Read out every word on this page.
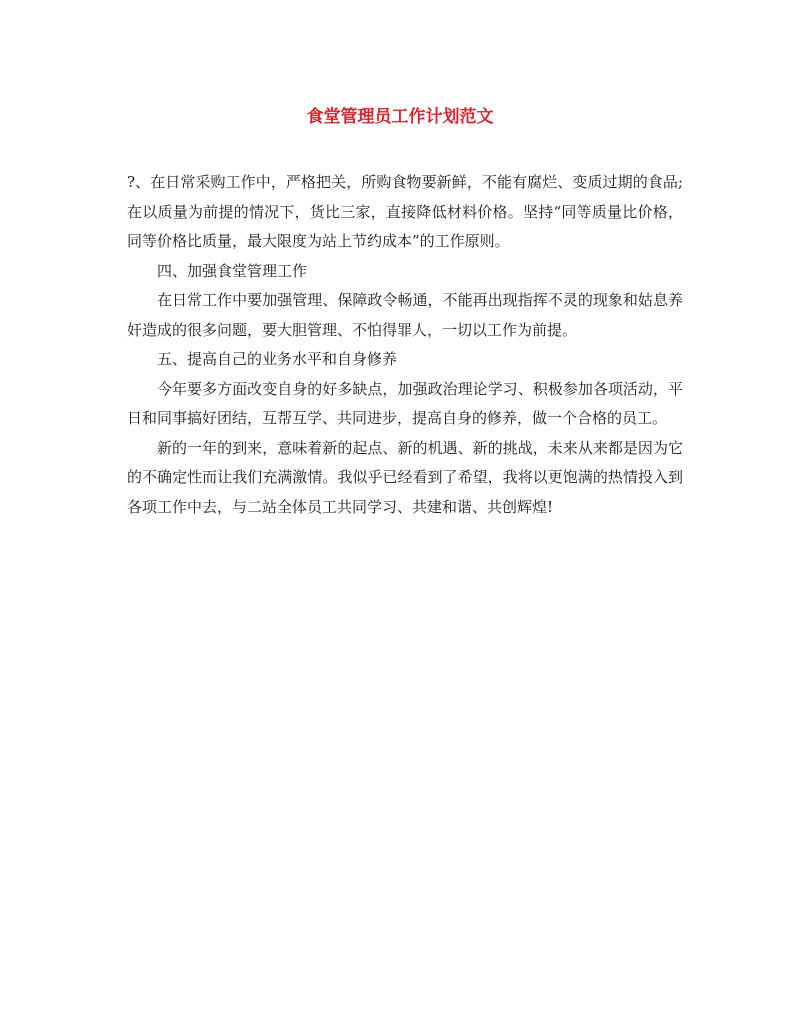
食堂管理员工作计划范文

?、在日常采购工作中，严格把关，所购食物要新鲜，不能有腐烂、变质过期的食品;在以质量为前提的情况下，货比三家，直接降低材料价格。坚持“同等质量比价格，同等价格比质量，最大限度为站上节约成本”的工作原则。

四、加强食堂管理工作

在日常工作中要加强管理、保障政令畅通，不能再出现指挥不灵的现象和姑息养奸造成的很多问题，要大胆管理、不怕得罪人，一切以工作为前提。

五、提高自己的业务水平和自身修养

今年要多方面改变自身的好多缺点，加强政治理论学习、积极参加各项活动，平日和同事搞好团结，互帮互学、共同进步，提高自身的修养，做一个合格的员工。

新的一年的到来，意味着新的起点、新的机遇、新的挑战，未来从来都是因为它的不确定性而让我们充满激情。我似乎已经看到了希望，我将以更饱满的热情投入到各项工作中去，与二站全体员工共同学习、共建和谐、共创辉煌!
